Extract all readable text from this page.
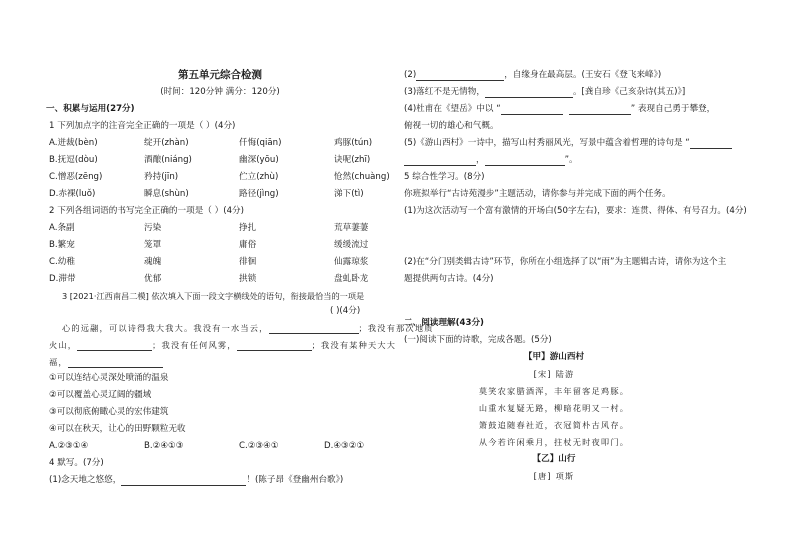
第五单元综合检测
(时间：120分钟 满分：120分)
一、积累与运用(27分)
1 下列加点字的注音完全正确的一项是（ ）(4分)
A.迸裁(bèn)	绽开(zhàn)	仟悔(qiān)	鸡豚(tún)
B.抚逗(dòu)	酒酿(niáng)	幽深(yōu)	诀呢(zhī)
C.憎恶(zēng)	矜持(jīn)	伫立(zhù)	怆然(chuàng)
D.赤裸(luǒ)	瞬息(shùn)	路径(jìng)	涕下(tì)
2 下列各组词语的书写完全正确的一项是（ ）(4分)
A.条副	污染	挣扎	荒草萋萋
B.繁宠	笼罩	庸俗	缓缓流过
C.幼稚	魂魄	徘徊	仙露琼浆
D.滞带	优郁	拱锁	盘虬卧龙
3 [2021·江西南昌二模] 依次填入下面一段文字横线处的语句，衔接最恰当的一项是
( )(4分)
心的远翮，可以诗得我大我大。我没有一水当云，	；我没有那次地质
火山，	；我没有任何风雾，	；我没有某种天大大
福，
①可以连结心灵深处喷涌的温泉
②可以覆盖心灵辽阔的疆域
③可以彻底俯瞰心灵的宏伟建筑
④可以在秋天，让心的田野颗粒无收
A.②③①④	B.②④①③	C.②③④①	D.④③②①
4 默写。(7分)
(1)念天地之悠悠，	！(陈子昂《登幽州台歌》)
(2)	，自缘身在最高层。(王安石《登飞来峰》)
(3)落红不是无情物，	。[龚自珍《己亥杂诗(其五)》]
(4)杜甫在《望岳》中以 “	” 表现自己勇于攀登，
俯视一切的雄心和气概。
(5)《游山西村》一诗中，描写山村秀丽风光，写景中蕴含着哲理的诗句是 “
，	”。
5 综合性学习。(8分)
你班拟举行“古诗苑漫步”主题活动，请你参与并完成下面的两个任务。
(1)为这次活动写一个富有激情的开场白(50字左右)，要求：连贯、得体、有号召力。(4分)
(2)在“分门别类辑古诗”环节，你所在小组选择了以“雨”为主题辑古诗，请你为这个主
题提供两句古诗。(4分)
二、阅读理解(43分)
(一)阅读下面的诗歌，完成各题。(5分)
【甲】游山西村
[宋] 陆游
莫笑农家腊酒浑，丰年留客足鸡豚。
山重水复疑无路，柳暗花明又一村。
箫鼓追随春社近，衣冠简朴古风存。
从今若许闲乘月，拄杖无时夜叩门。
【乙】山行
[唐] 项斯
